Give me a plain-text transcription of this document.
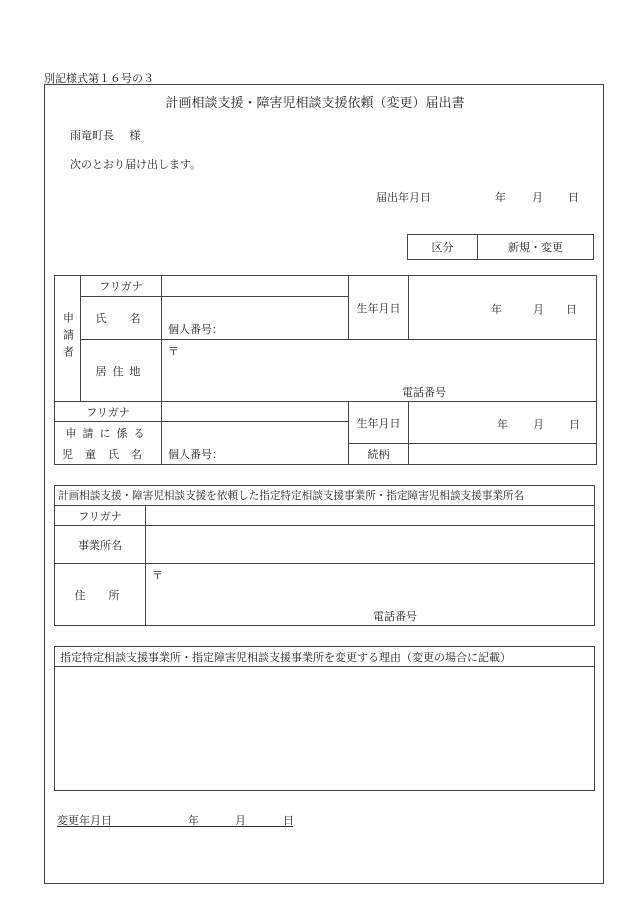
別記様式第１６号の３
計画相談支援・障害児相談支援依頼（変更）届出書
雨竜町長 様
次のとおり届け出します。
届出年月日	年 月 日
区分	新規・変更
申請者	フリガナ		生年月日	年 月 日

	氏　名	個人番号：		
	居住地	〒
電話番号		

フリガナ			生年月日	年 月 日

申請に係る				
児童氏名		個人番号：	続柄	
計画相談支援・障害児相談支援を依頼した指定特定相談支援事業所・指定障害児相談支援事業所名	
フリガナ	
事業所名	
住　所	〒
電話番号
指定特定相談支援事業所・指定障害児相談支援事業所を変更する理由（変更の場合に記載）

変更年月日	年	月	日
